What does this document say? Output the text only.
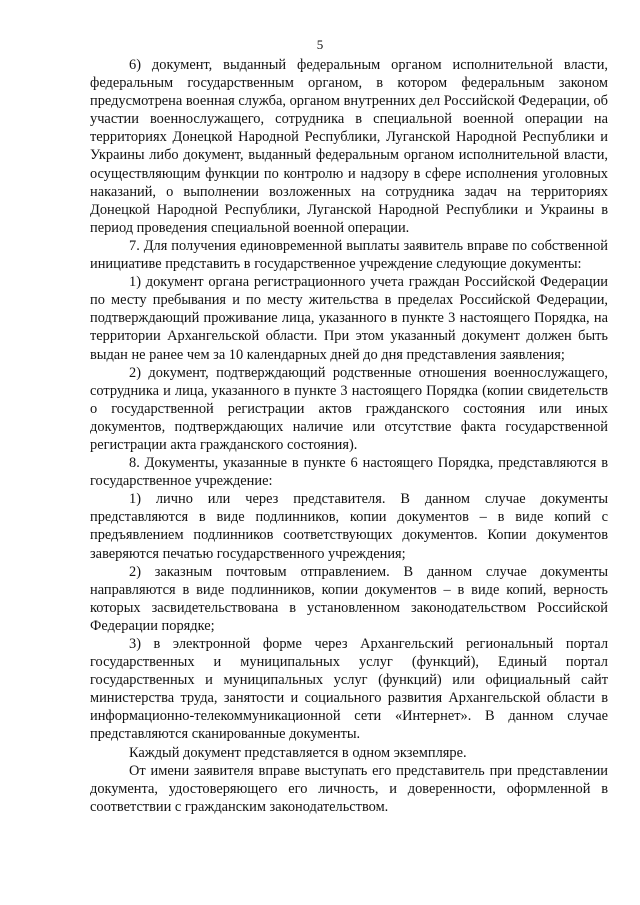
5

6) документ, выданный федеральным органом исполнительной власти, федеральным государственным органом, в котором федеральным законом предусмотрена военная служба, органом внутренних дел Российской Федерации, об участии военнослужащего, сотрудника в специальной военной операции на территориях Донецкой Народной Республики, Луганской Народной Республики и Украины либо документ, выданный федеральным органом исполнительной власти, осуществляющим функции по контролю и надзору в сфере исполнения уголовных наказаний, о выполнении возложенных на сотрудника задач на территориях Донецкой Народной Республики, Луганской Народной Республики и Украины в период проведения специальной военной операции.

7. Для получения единовременной выплаты заявитель вправе по собственной инициативе представить в государственное учреждение следующие документы:

1) документ органа регистрационного учета граждан Российской Федерации по месту пребывания и по месту жительства в пределах Российской Федерации, подтверждающий проживание лица, указанного в пункте 3 настоящего Порядка, на территории Архангельской области. При этом указанный документ должен быть выдан не ранее чем за 10 календарных дней до дня представления заявления;

2) документ, подтверждающий родственные отношения военнослужащего, сотрудника и лица, указанного в пункте 3 настоящего Порядка (копии свидетельств о государственной регистрации актов гражданского состояния или иных документов, подтверждающих наличие или отсутствие факта государственной регистрации акта гражданского состояния).

8. Документы, указанные в пункте 6 настоящего Порядка, представляются в государственное учреждение:

1) лично или через представителя. В данном случае документы представляются в виде подлинников, копии документов – в виде копий с предъявлением подлинников соответствующих документов. Копии документов заверяются печатью государственного учреждения;

2) заказным почтовым отправлением. В данном случае документы направляются в виде подлинников, копии документов – в виде копий, верность которых засвидетельствована в установленном законодательством Российской Федерации порядке;

3) в электронной форме через Архангельский региональный портал государственных и муниципальных услуг (функций), Единый портал государственных и муниципальных услуг (функций) или официальный сайт министерства труда, занятости и социального развития Архангельской области в информационно-телекоммуникационной сети «Интернет». В данном случае представляются сканированные документы.

Каждый документ представляется в одном экземпляре.

От имени заявителя вправе выступать его представитель при представлении документа, удостоверяющего его личность, и доверенности, оформленной в соответствии с гражданским законодательством.
